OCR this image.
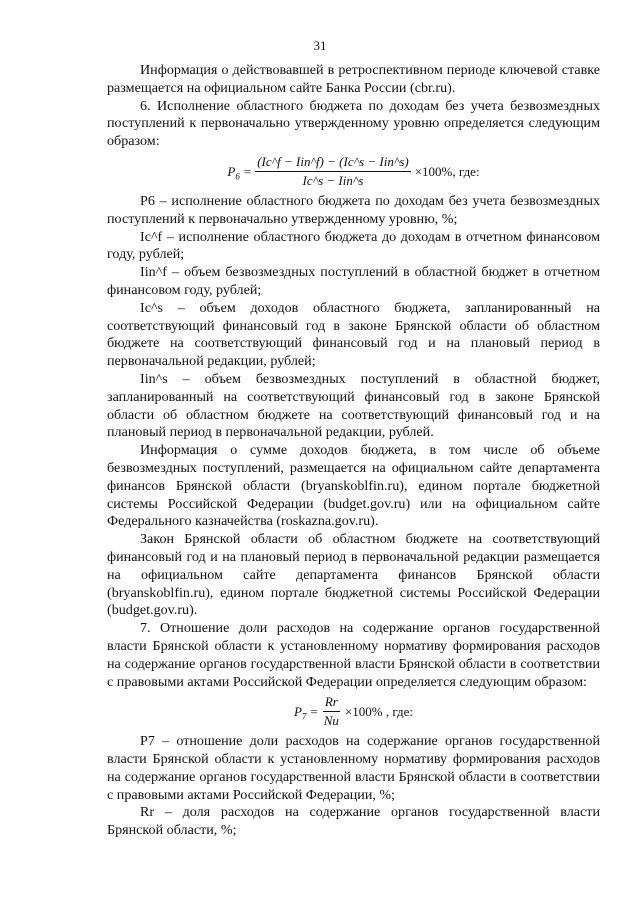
31

Информация о действовавшей в ретроспективном периоде ключевой ставке размещается на официальном сайте Банка России (cbr.ru).

6. Исполнение областного бюджета по доходам без учета безвозмездных поступлений к первоначально утвержденному уровню определяется следующим образом:

$P_6 = \frac{\text{(Ic\textasciicircum{}f − Iin\textasciicircum{}f) − (Ic\textasciicircum{}s − Iin\textasciicircum{}s)}}{\text{Ic\textasciicircum{}s − Iin\textasciicircum{}s}} \times 100\%$, где:

P6 – исполнение областного бюджета по доходам без учета безвозмездных поступлений к первоначально утвержденному уровню, %;

Ic^f – исполнение областного бюджета до доходам в отчетном финансовом году, рублей;

Iin^f – объем безвозмездных поступлений в областной бюджет в отчетном финансовом году, рублей;

Ic^s – объем доходов областного бюджета, запланированный на соответствующий финансовый год в законе Брянской области об областном бюджете на соответствующий финансовый год и на плановый период в первоначальной редакции, рублей;

Iin^s – объем безвозмездных поступлений в областной бюджет, запланированный на соответствующий финансовый год в законе Брянской области об областном бюджете на соответствующий финансовый год и на плановый период в первоначальной редакции, рублей.

Информация о сумме доходов бюджета, в том числе об объеме безвозмездных поступлений, размещается на официальном сайте департамента финансов Брянской области (bryanskoblfin.ru), едином портале бюджетной системы Российской Федерации (budget.gov.ru) или на официальном сайте Федерального казначейства (roskazna.gov.ru).

Закон Брянской области об областном бюджете на соответствующий финансовый год и на плановый период в первоначальной редакции размещается на официальном сайте департамента финансов Брянской области (bryanskoblfin.ru), едином портале бюджетной системы Российской Федерации (budget.gov.ru).

7. Отношение доли расходов на содержание органов государственной власти Брянской области к установленному нормативу формирования расходов на содержание органов государственной власти Брянской области в соответствии с правовыми актами Российской Федерации определяется следующим образом:

$P_7 = \frac{Rr}{Nu} \times 100\%$ , где:

P7 – отношение доли расходов на содержание органов государственной власти Брянской области к установленному нормативу формирования расходов на содержание органов государственной власти Брянской области в соответствии с правовыми актами Российской Федерации, %;

Rr – доля расходов на содержание органов государственной власти Брянской области, %;
